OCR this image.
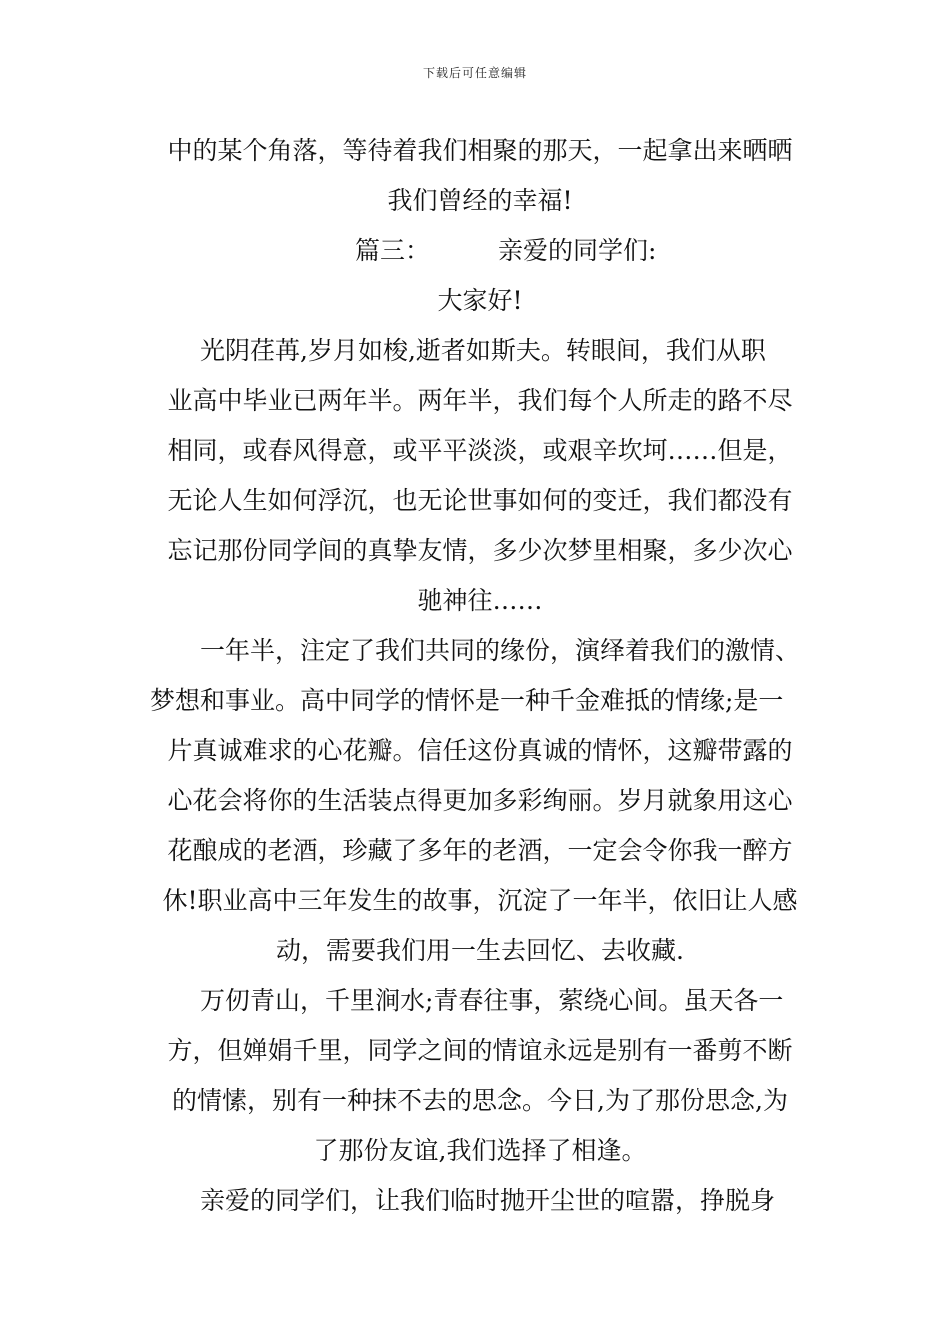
下载后可任意编辑
中的某个角落，等待着我们相聚的那天，一起拿出来晒晒
我们曾经的幸福!
篇三：	亲爱的同学们:
大家好!
光阴荏苒,岁月如梭,逝者如斯夫。转眼间，我们从职
业高中毕业已两年半。两年半，我们每个人所走的路不尽
相同，或春风得意，或平平淡淡，或艰辛坎坷……但是，
无论人生如何浮沉，也无论世事如何的变迁，我们都没有
忘记那份同学间的真挚友情，多少次梦里相聚，多少次心
驰神往……
一年半，注定了我们共同的缘份，演绎着我们的激情、
梦想和事业。高中同学的情怀是一种千金难抵的情缘;是一
片真诚难求的心花瓣。信任这份真诚的情怀，这瓣带露的
心花会将你的生活装点得更加多彩绚丽。岁月就象用这心
花酿成的老酒，珍藏了多年的老酒，一定会令你我一醉方
休!职业高中三年发生的故事，沉淀了一年半，依旧让人感
动，需要我们用一生去回忆、去收藏.
万仞青山，千里涧水;青春往事，萦绕心间。虽天各一
方，但婵娟千里，同学之间的情谊永远是别有一番剪不断
的情愫，别有一种抹不去的思念。今日,为了那份思念,为
了那份友谊,我们选择了相逢。
亲爱的同学们，让我们临时抛开尘世的喧嚣，挣脱身
